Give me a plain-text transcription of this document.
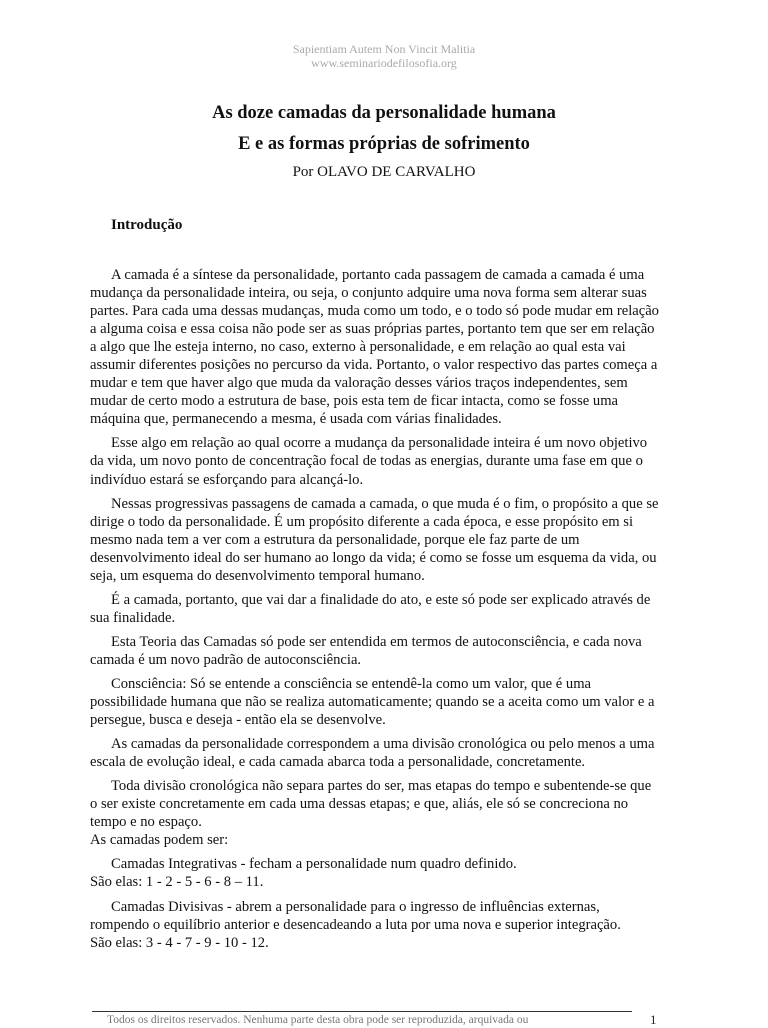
Sapientiam Autem Non Vincit Malitia
www.seminariodefilosofia.org
As doze camadas da personalidade humana
E e as formas próprias de sofrimento
Por OLAVO DE CARVALHO
Introdução

A camada é a síntese da personalidade, portanto cada passagem de camada a camada é uma mudança da personalidade inteira, ou seja, o conjunto adquire uma nova forma sem alterar suas partes. Para cada uma dessas mudanças, muda como um todo, e o todo só pode mudar em relação a alguma coisa e essa coisa não pode ser as suas próprias partes, portanto tem que ser em relação a algo que lhe esteja interno, no caso, externo à personalidade, e em relação ao qual esta vai assumir diferentes posições no percurso da vida. Portanto, o valor respectivo das partes começa a mudar e tem que haver algo que muda da valoração desses vários traços independentes, sem mudar de certo modo a estrutura de base, pois esta tem de ficar intacta, como se fosse uma máquina que, permanecendo a mesma, é usada com várias finalidades.

Esse algo em relação ao qual ocorre a mudança da personalidade inteira é um novo objetivo da vida, um novo ponto de concentração focal de todas as energias, durante uma fase em que o indivíduo estará se esforçando para alcançá-lo.

Nessas progressivas passagens de camada a camada, o que muda é o fim, o propósito a que se dirige o todo da personalidade. É um propósito diferente a cada época, e esse propósito em si mesmo nada tem a ver com a estrutura da personalidade, porque ele faz parte de um desenvolvimento ideal do ser humano ao longo da vida; é como se fosse um esquema da vida, ou seja, um esquema do desenvolvimento temporal humano.

É a camada, portanto, que vai dar a finalidade do ato, e este só pode ser explicado através de sua finalidade.

Esta Teoria das Camadas só pode ser entendida em termos de autoconsciência, e cada nova camada é um novo padrão de autoconsciência.

Consciência: Só se entende a consciência se entendê-la como um valor, que é uma possibilidade humana que não se realiza automaticamente; quando se a aceita como um valor e a persegue, busca e deseja - então ela se desenvolve.

As camadas da personalidade correspondem a uma divisão cronológica ou pelo menos a uma escala de evolução ideal, e cada camada abarca toda a personalidade, concretamente.

Toda divisão cronológica não separa partes do ser, mas etapas do tempo e subentende-se que o ser existe concretamente em cada uma dessas etapas; e que, aliás, ele só se concreciona no tempo e no espaço.

As camadas podem ser:

Camadas Integrativas - fecham a personalidade num quadro definido.
São elas: 1 - 2 - 5 - 6 - 8 – 11.

Camadas Divisivas - abrem a personalidade para o ingresso de influências externas, rompendo o equilíbrio anterior e desencadeando a luta por uma nova e superior integração.
São elas: 3 - 4 - 7 - 9 - 10 - 12.

Todos os direitos reservados. Nenhuma parte desta obra pode ser reproduzida, arquivada ou	1
